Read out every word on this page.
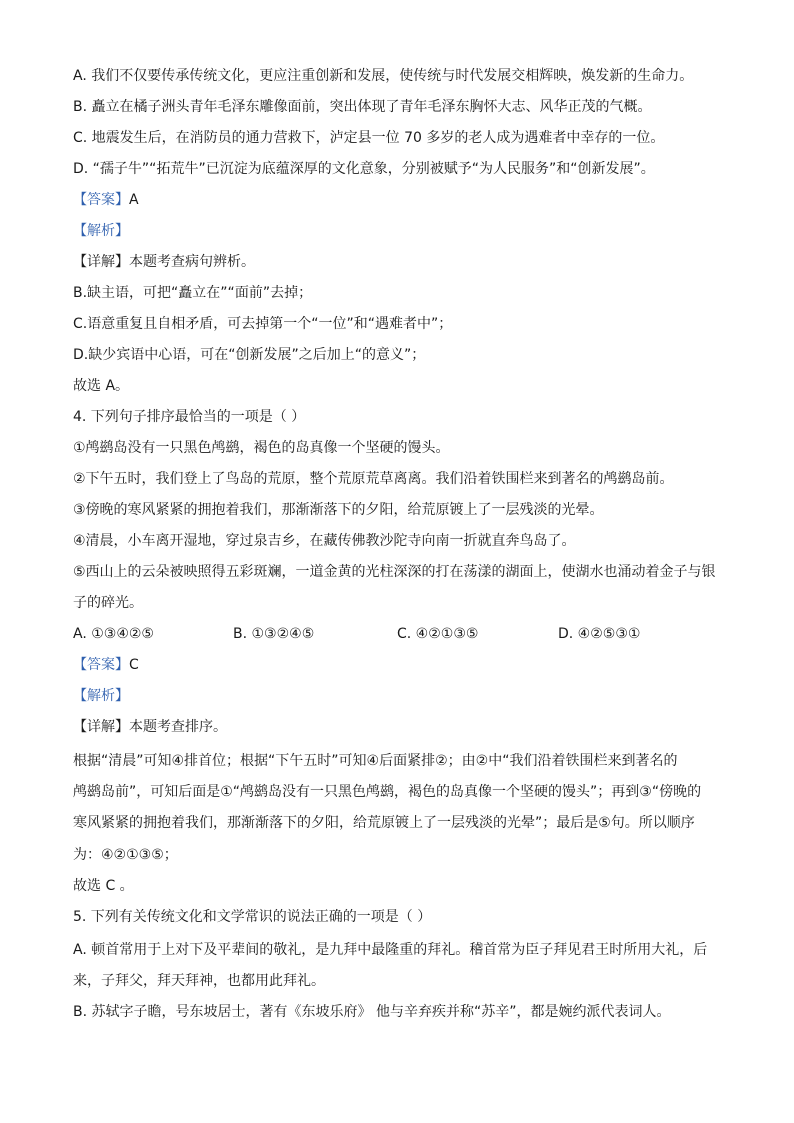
A. 我们不仅要传承传统文化，更应注重创新和发展，使传统与时代发展交相辉映，焕发新的生命力。
B. 矗立在橘子洲头青年毛泽东雕像面前，突出体现了青年毛泽东胸怀大志、风华正茂的气概。
C. 地震发生后，在消防员的通力营救下，泸定县一位 70 多岁的老人成为遇难者中幸存的一位。
D. “孺子牛”“拓荒牛”已沉淀为底蕴深厚的文化意象，分别被赋予“为人民服务”和“创新发展”。
【答案】A
【解析】
【详解】本题考查病句辨析。
B.缺主语，可把“矗立在”“面前”去掉；
C.语意重复且自相矛盾，可去掉第一个“一位”和“遇难者中”；
D.缺少宾语中心语，可在“创新发展”之后加上“的意义”；
故选 A。
4. 下列句子排序最恰当的一项是（ ）
①鸬鹚岛没有一只黑色鸬鹚，褐色的岛真像一个坚硬的馒头。
②下午五时，我们登上了鸟岛的荒原，整个荒原荒草离离。我们沿着铁围栏来到著名的鸬鹚岛前。
③傍晚的寒风紧紧的拥抱着我们，那渐渐落下的夕阳，给荒原镀上了一层残淡的光晕。
④清晨，小车离开湿地，穿过泉吉乡，在藏传佛教沙陀寺向南一折就直奔鸟岛了。
⑤西山上的云朵被映照得五彩斑斓，一道金黄的光柱深深的打在荡漾的湖面上，使湖水也涌动着金子与银
子的碎光。
A. ①③④②⑤	B. ①③②④⑤	C. ④②①③⑤	D. ④②⑤③①
【答案】C
【解析】
【详解】本题考查排序。
根据“清晨”可知④排首位；根据“下午五时”可知④后面紧排②；由②中“我们沿着铁围栏来到著名的
鸬鹚岛前”，可知后面是①“鸬鹚岛没有一只黑色鸬鹚，褐色的岛真像一个坚硬的馒头”；再到③“傍晚的
寒风紧紧的拥抱着我们，那渐渐落下的夕阳，给荒原镀上了一层残淡的光晕”；最后是⑤句。所以顺序
为：④②①③⑤；
故选 C 。
5. 下列有关传统文化和文学常识的说法正确的一项是（ ）
A. 顿首常用于上对下及平辈间的敬礼，是九拜中最隆重的拜礼。稽首常为臣子拜见君王时所用大礼，后
来，子拜父，拜天拜神，也都用此拜礼。
B. 苏轼字子瞻，号东坡居士，著有《东坡乐府》 他与辛弃疾并称“苏辛”，都是婉约派代表词人。
